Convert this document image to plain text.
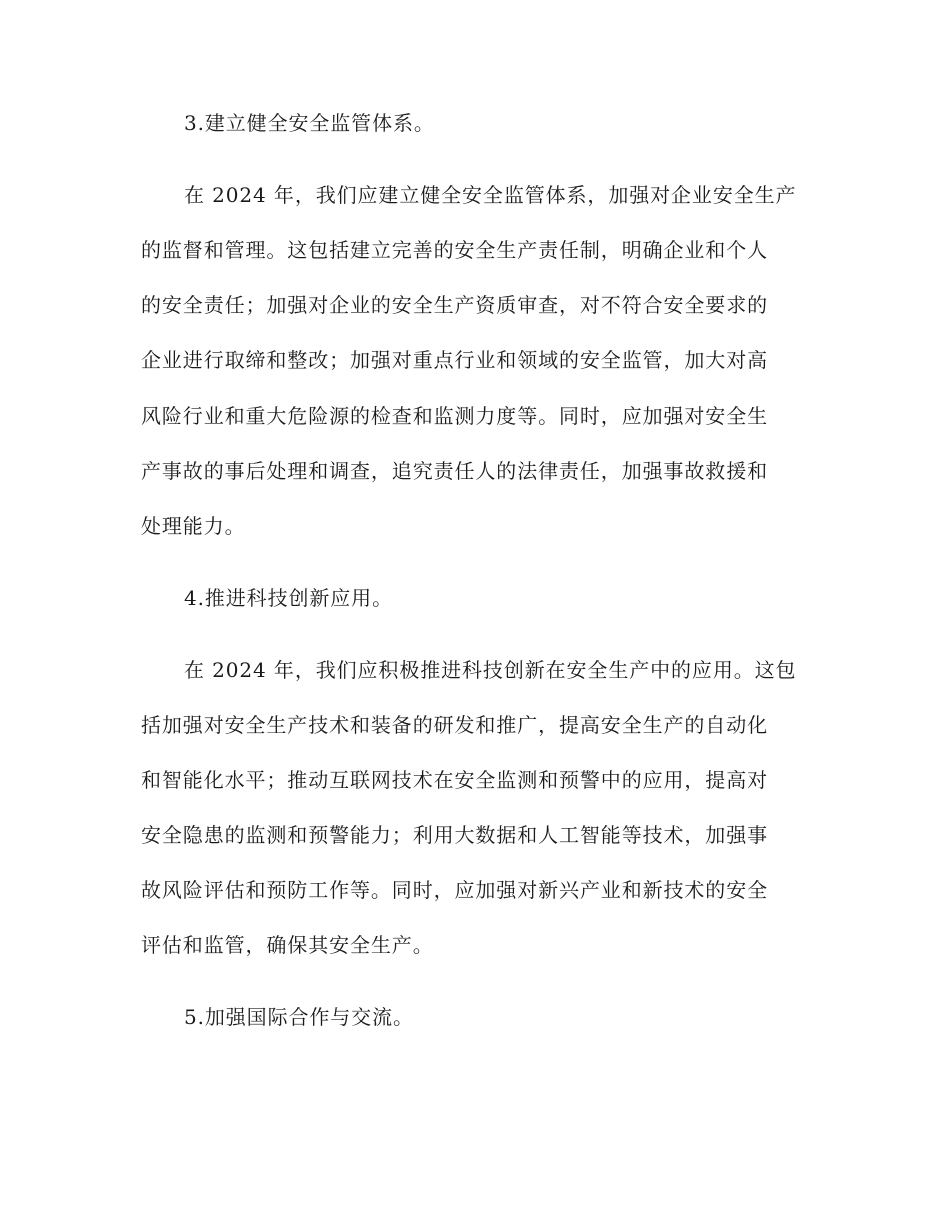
3.建立健全安全监管体系。
在 2024 年，我们应建立健全安全监管体系，加强对企业安全生产
的监督和管理。这包括建立完善的安全生产责任制，明确企业和个人
的安全责任；加强对企业的安全生产资质审查，对不符合安全要求的
企业进行取缔和整改；加强对重点行业和领域的安全监管，加大对高
风险行业和重大危险源的检查和监测力度等。同时，应加强对安全生
产事故的事后处理和调查，追究责任人的法律责任，加强事故救援和
处理能力。
4.推进科技创新应用。
在 2024 年，我们应积极推进科技创新在安全生产中的应用。这包
括加强对安全生产技术和装备的研发和推广，提高安全生产的自动化
和智能化水平；推动互联网技术在安全监测和预警中的应用，提高对
安全隐患的监测和预警能力；利用大数据和人工智能等技术，加强事
故风险评估和预防工作等。同时，应加强对新兴产业和新技术的安全
评估和监管，确保其安全生产。
5.加强国际合作与交流。
